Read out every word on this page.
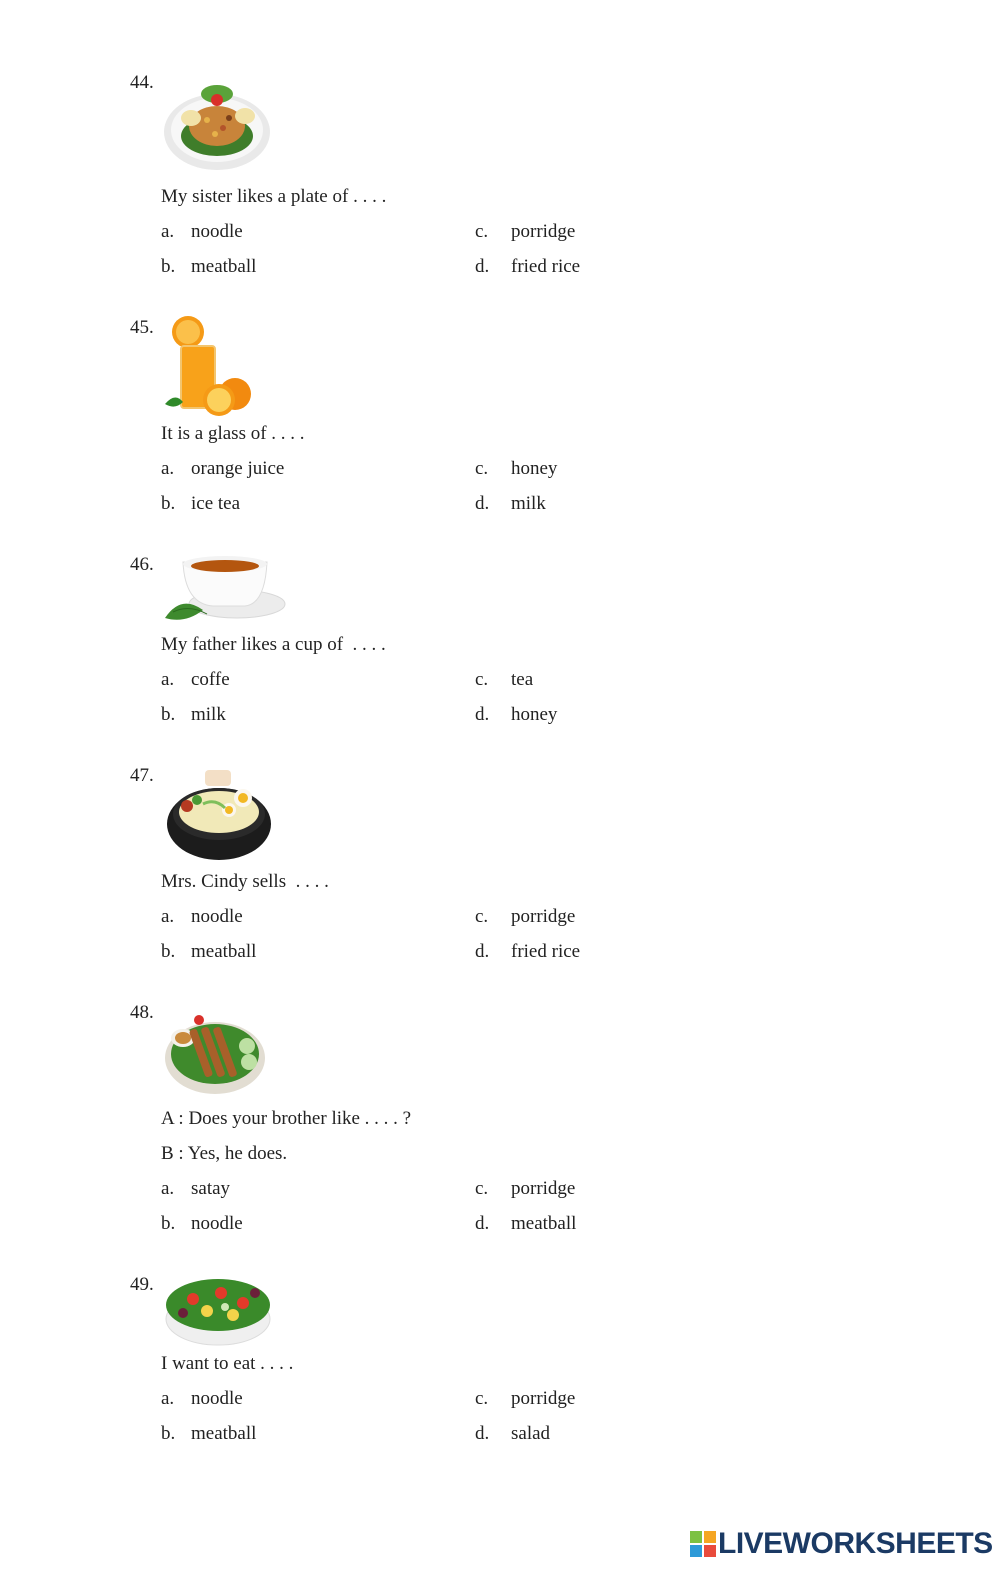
44.
My sister likes a plate of . . . .
a. noodle	c. porridge
b. meatball	d. fried rice
45.
It is a glass of . . . .
a. orange juice	c. honey
b. ice tea	d. milk
46.
My father likes a cup of  . . . .
a. coffe	c. tea
b. milk	d. honey
47.
Mrs. Cindy sells  . . . .
a. noodle	c. porridge
b. meatball	d. fried rice
48.
A : Does your brother like . . . . ?
B : Yes, he does.
a. satay	c. porridge
b. noodle	d. meatball
49.
I want to eat . . . .
a. noodle	c. porridge
b. meatball	d. salad
LIVEWORKSHEETS
